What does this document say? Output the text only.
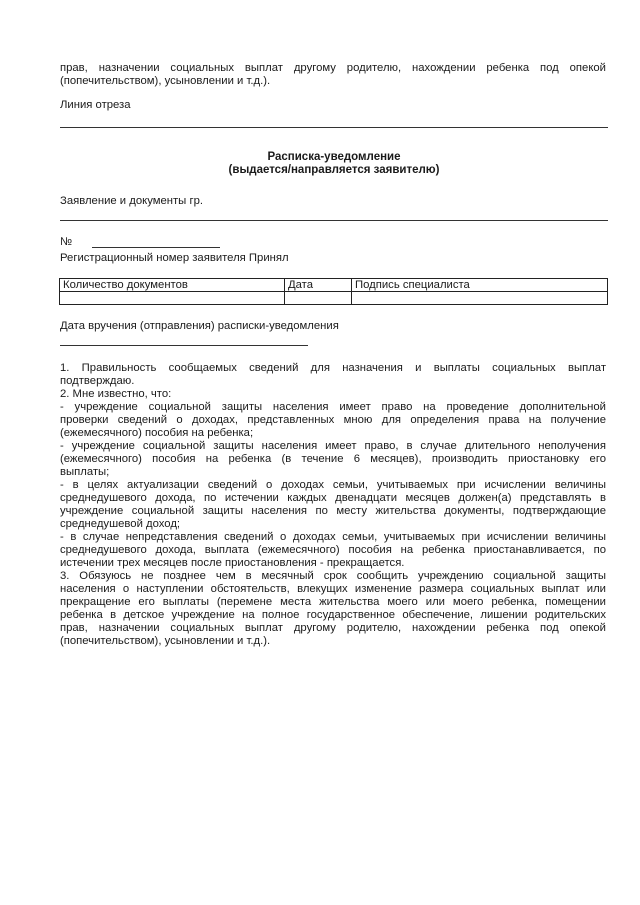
прав, назначении социальных выплат другому родителю, нахождении ребенка под опекой
(попечительством), усыновлении и т.д.).
Линия отреза
Расписка-уведомление
(выдается/направляется заявителю)
Заявление и документы гр.
№
Регистрационный номер заявителя Принял
Количество документов	Дата	Подпись специалиста

Дата вручения (отправления) расписки-уведомления
1. Правильность сообщаемых сведений для назначения и выплаты социальных выплат
подтверждаю.
2. Мне известно, что:
- учреждение социальной защиты населения имеет право на проведение дополнительной
проверки сведений о доходах, представленных мною для определения права на получение
(ежемесячного) пособия на ребенка;
- учреждение социальной защиты населения имеет право, в случае длительного неполучения
(ежемесячного) пособия на ребенка (в течение 6 месяцев), производить приостановку его
выплаты;
- в целях актуализации сведений о доходах семьи, учитываемых при исчислении величины
среднедушевого дохода, по истечении каждых двенадцати месяцев должен(а) представлять в
учреждение социальной защиты населения по месту жительства документы, подтверждающие
среднедушевой доход;
- в случае непредставления сведений о доходах семьи, учитываемых при исчислении величины
среднедушевого дохода, выплата (ежемесячного) пособия на ребенка приостанавливается, по
истечении трех месяцев после приостановления - прекращается.
3. Обязуюсь не позднее чем в месячный срок сообщить учреждению социальной защиты
населения о наступлении обстоятельств, влекущих изменение размера социальных выплат или
прекращение его выплаты (перемене места жительства моего или моего ребенка, помещении
ребенка в детское учреждение на полное государственное обеспечение, лишении родительских
прав, назначении социальных выплат другому родителю, нахождении ребенка под опекой
(попечительством), усыновлении и т.д.).
